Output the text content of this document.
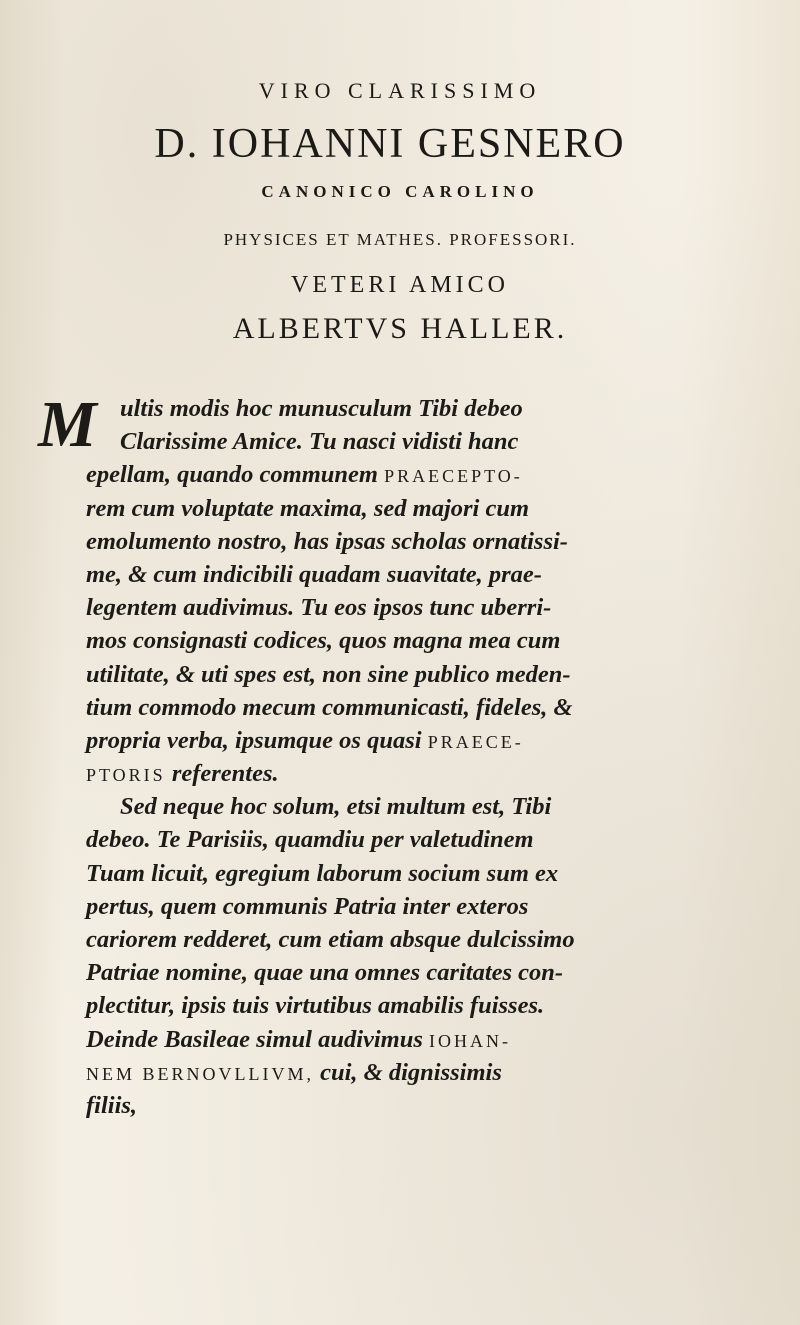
VIRO CLARISSIMO
D. IOHANNI GESNERO
CANONICO CAROLINO
PHYSICES ET MATHES. PROFESSORI.
VETERI AMICO
ALBERTVS HALLER.
M ultis modis hoc munusculum Tibi debeo
Clarissime Amice. Tu nasci vidisti hanc
epellam, quando communem PRAECEPTO-
rem cum voluptate maxima, sed majori cum
emolumento nostro, has ipsas scholas ornatissi-
me, & cum indicibili quadam suavitate, prae-
legentem audivimus. Tu eos ipsos tunc uberri-
mos consignasti codices, quos magna mea cum
utilitate, & uti spes est, non sine publico meden-
tium commodo mecum communicasti, fideles, &
propria verba, ipsumque os quasi PRAECE-
PTORIS referentes.
Sed neque hoc solum, etsi multum est, Tibi
debeo. Te Parisiis, quamdiu per valetudinem
Tuam licuit, egregium laborum socium sum ex
pertus, quem communis Patria inter exteros
cariorem redderet, cum etiam absque dulcissimo
Patriae nomine, quae una omnes caritates con-
plectitur, ipsis tuis virtutibus amabilis fuisses.
Deinde Basileae simul audivimus IOHAN-
NEM BERNOVLLIVM, cui, & dignissimis
filiis,
